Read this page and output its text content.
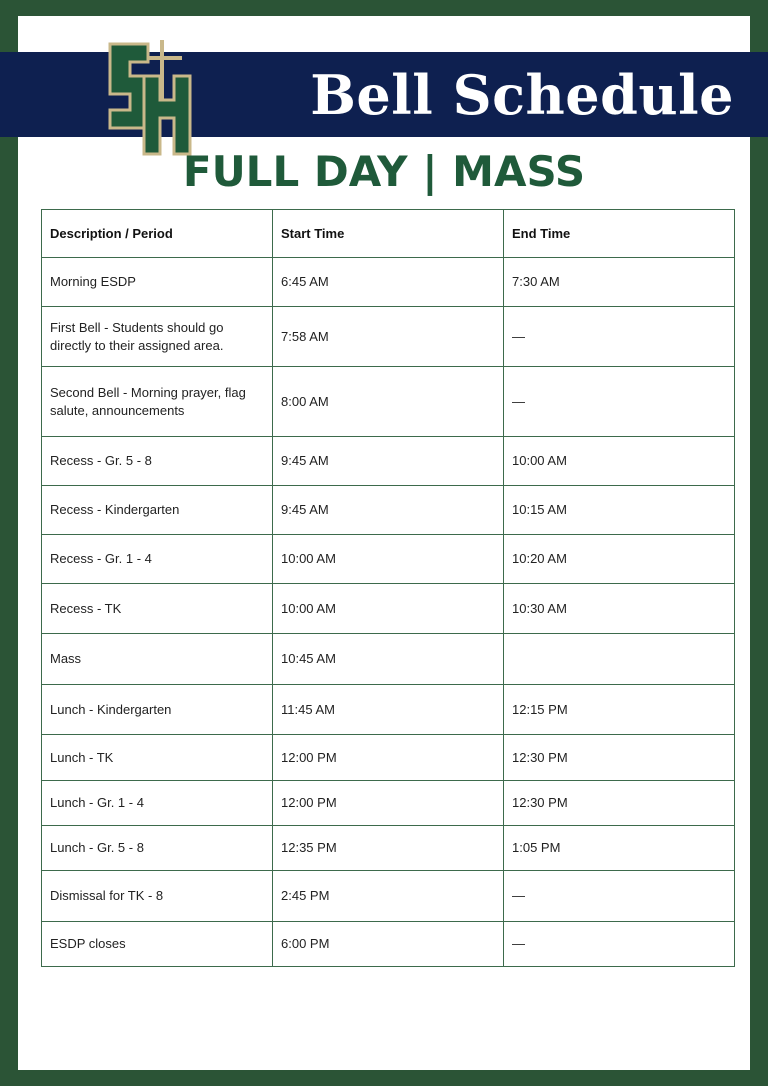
Bell Schedule
FULL DAY | MASS
Description / Period	Start Time	End Time
Morning ESDP	6:45 AM	7:30 AM
First Bell - Students should go directly to their assigned area.	7:58 AM	—
Second Bell - Morning prayer, flag salute, announcements	8:00 AM	—
Recess - Gr. 5 - 8	9:45 AM	10:00 AM
Recess - Kindergarten	9:45 AM	10:15 AM
Recess - Gr. 1 - 4	10:00 AM	10:20 AM
Recess - TK	10:00 AM	10:30 AM
Mass	10:45 AM	
Lunch - Kindergarten	11:45 AM	12:15 PM
Lunch - TK	12:00 PM	12:30 PM
Lunch - Gr. 1 - 4	12:00 PM	12:30 PM
Lunch - Gr. 5 - 8	12:35 PM	1:05 PM
Dismissal for TK - 8	2:45 PM	—
ESDP closes	6:00 PM	—
